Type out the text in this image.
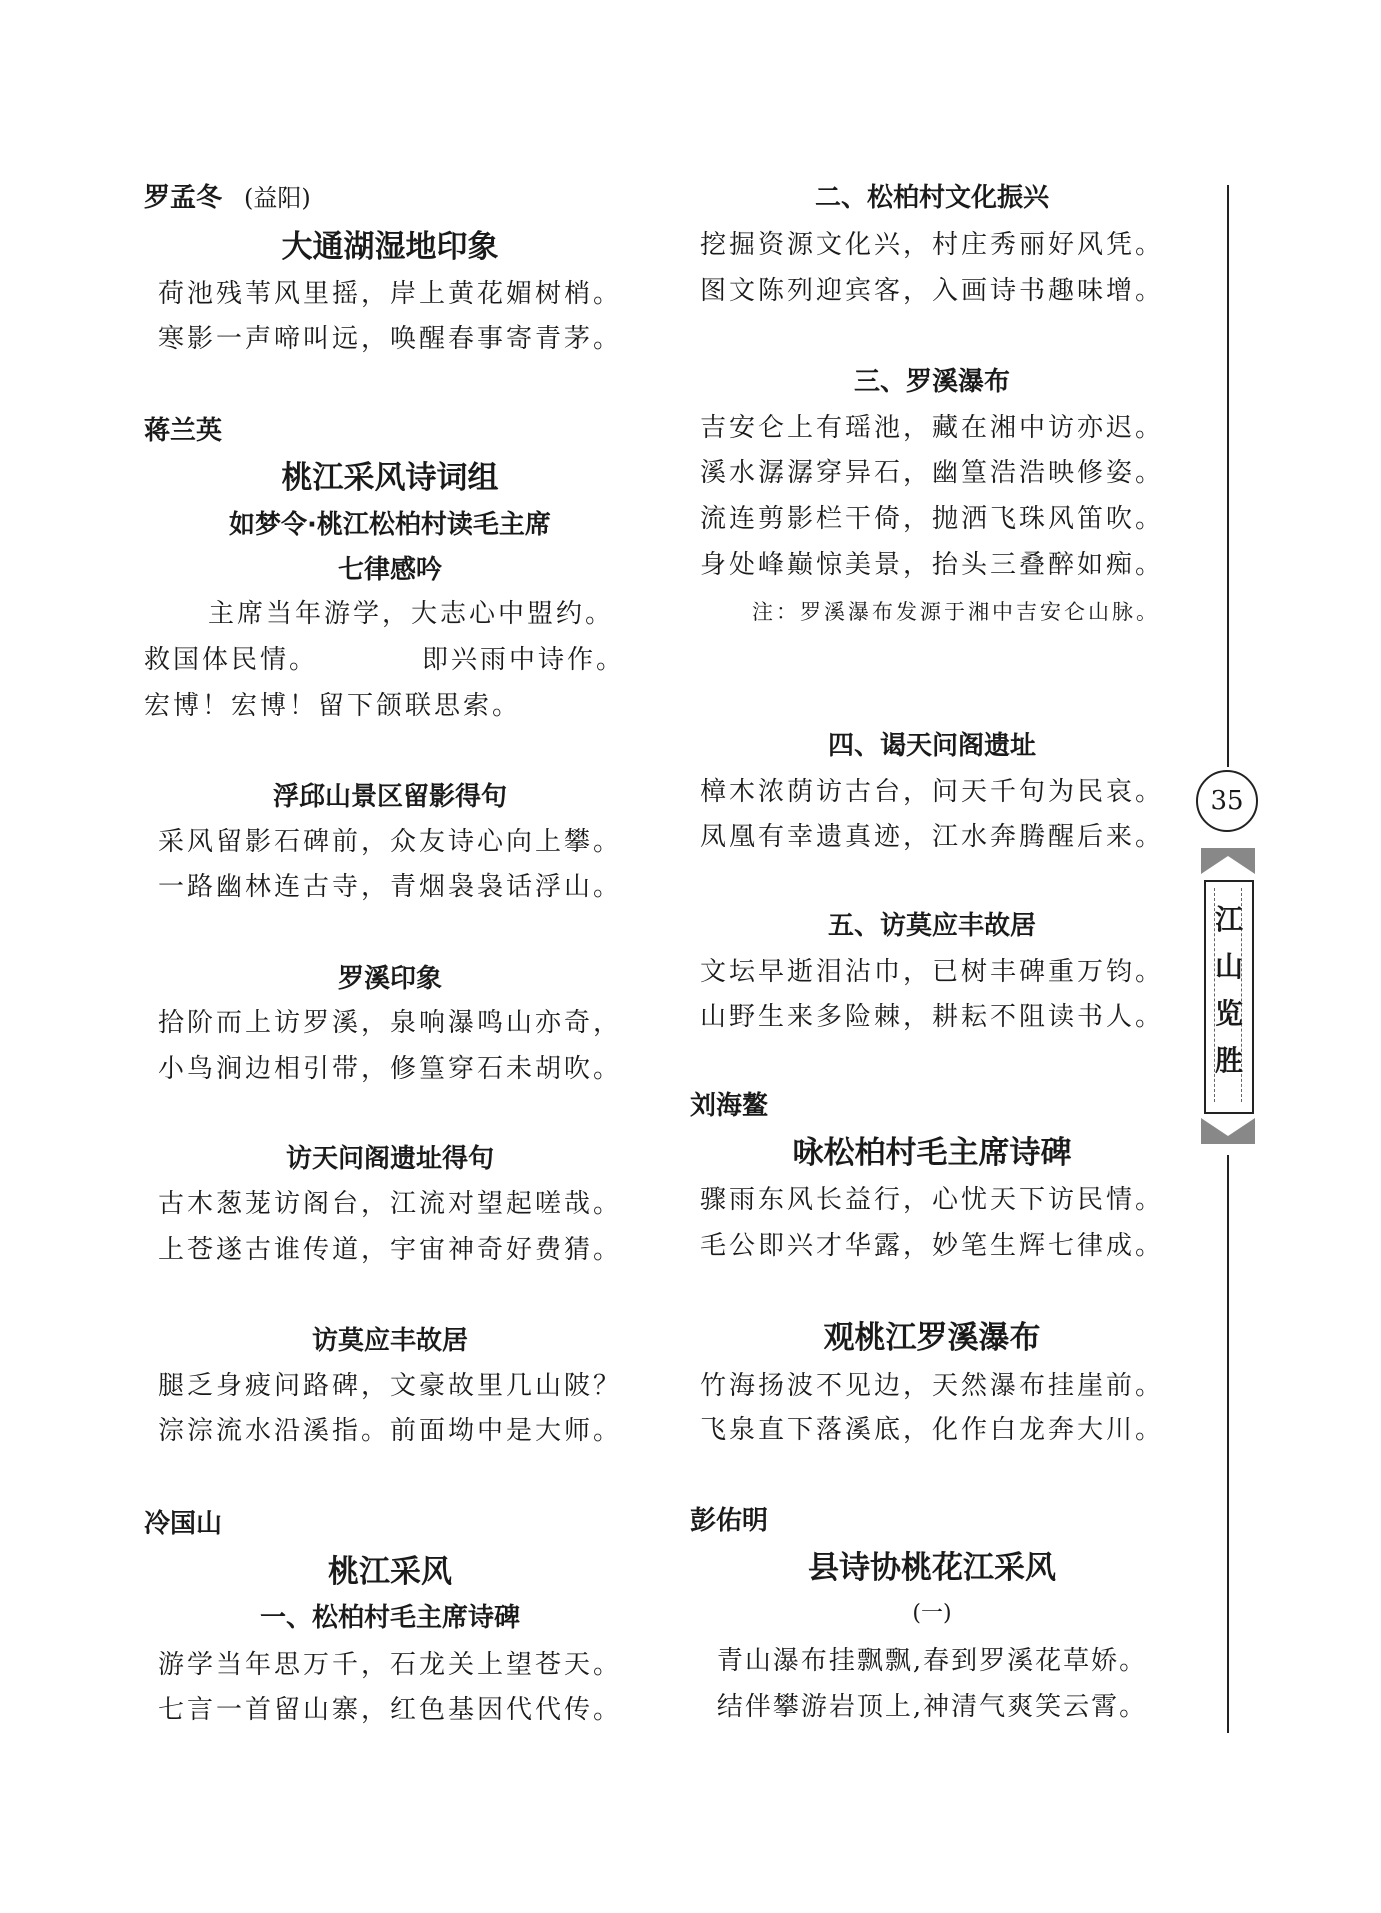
罗孟冬 (益阳)
大通湖湿地印象
荷池残苇风里摇，岸上黄花媚树梢。
寒影一声啼叫远，唤醒春事寄青茅。
蒋兰英
桃江采风诗词组
如梦令·桃江松柏村读毛主席
七律感吟
主席当年游学，大志心中盟约。
救国体民情。	即兴雨中诗作。
宏博！宏博！留下颌联思索。
浮邱山景区留影得句
采风留影石碑前，众友诗心向上攀。
一路幽林连古寺，青烟袅袅话浮山。
罗溪印象
拾阶而上访罗溪，泉响瀑鸣山亦奇，
小鸟涧边相引带，修篁穿石未胡吹。
访天问阁遗址得句
古木葱茏访阁台，江流对望起嗟哉。
上苍遂古谁传道，宇宙神奇好费猜。
访莫应丰故居
腿乏身疲问路碑，文豪故里几山陂？
淙淙流水沿溪指。前面坳中是大师。
冷国山
桃江采风
一、松柏村毛主席诗碑
游学当年思万千，石龙关上望苍天。
七言一首留山寨，红色基因代代传。
二、松柏村文化振兴
挖掘资源文化兴，村庄秀丽好风凭。
图文陈列迎宾客，入画诗书趣味增。
三、罗溪瀑布
吉安仑上有瑶池，藏在湘中访亦迟。
溪水潺潺穿异石，幽篁浩浩映修姿。
流连剪影栏干倚，抛洒飞珠风笛吹。
身处峰巅惊美景，抬头三叠醉如痴。
注：罗溪瀑布发源于湘中吉安仑山脉。
四、谒天问阁遗址
樟木浓荫访古台，问天千句为民哀。
凤凰有幸遗真迹，江水奔腾醒后来。
五、访莫应丰故居
文坛早逝泪沾巾，已树丰碑重万钧。
山野生来多险棘，耕耘不阻读书人。
刘海鳌
咏松柏村毛主席诗碑
骤雨东风长益行，心忧天下访民情。
毛公即兴才华露，妙笔生辉七律成。
观桃江罗溪瀑布
竹海扬波不见边，天然瀑布挂崖前。
飞泉直下落溪底，化作白龙奔大川。
彭佑明
县诗协桃花江采风
(一)
青山瀑布挂飘飘,春到罗溪花草娇。
结伴攀游岩顶上,神清气爽笑云霄。
35
江
山
览
胜
